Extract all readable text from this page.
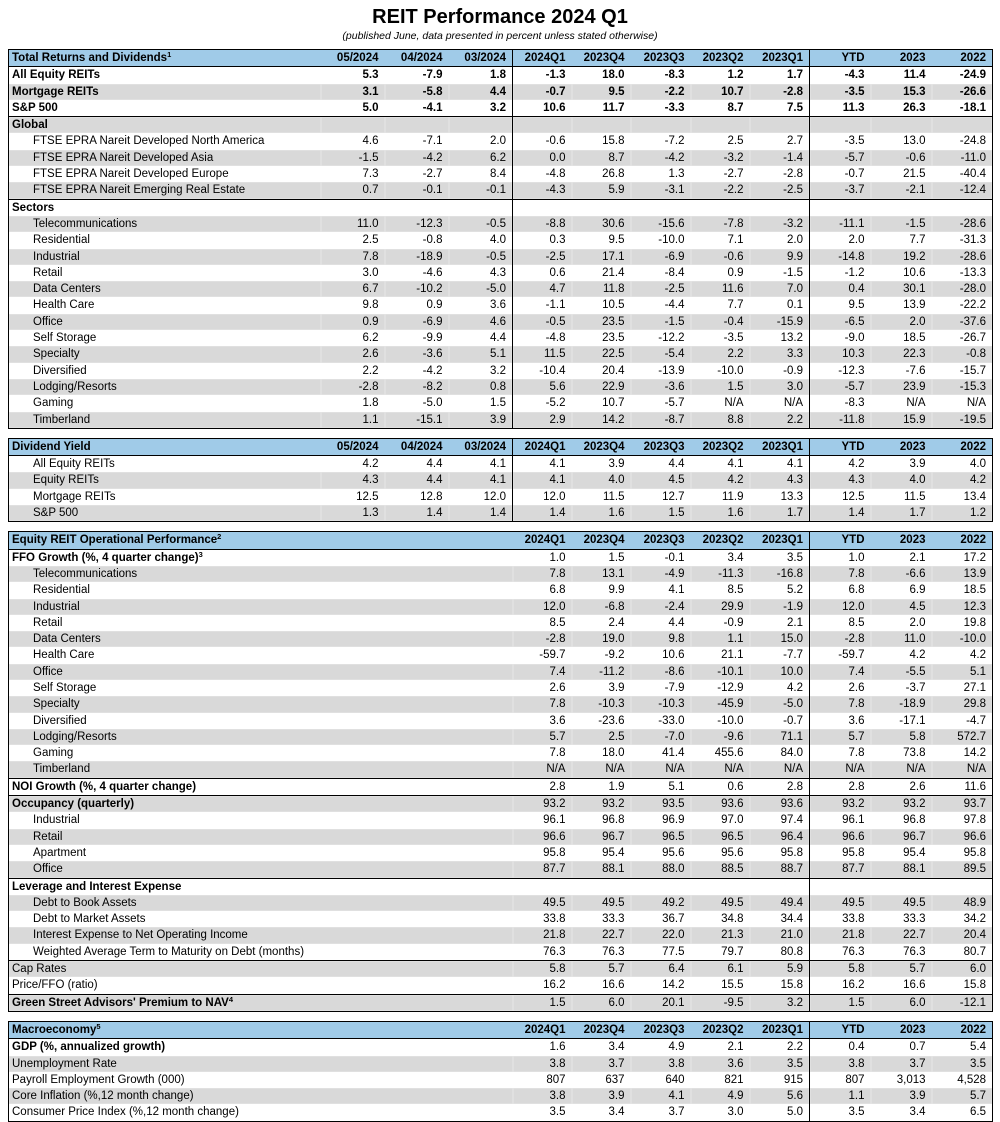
REIT Performance 2024 Q1
(published June, data presented in percent unless stated otherwise)
Total Returns and Dividends$^1$	05/2024	04/2024	03/2024	2024Q1	2023Q4	2023Q3	2023Q2	2023Q1	YTD	2023	2022
All Equity REITs	5.3	-7.9	1.8	-1.3	18.0	-8.3	1.2	1.7	-4.3	11.4	-24.9
Mortgage REITs	3.1	-5.8	4.4	-0.7	9.5	-2.2	10.7	-2.8	-3.5	15.3	-26.6
S&P 500	5.0	-4.1	3.2	10.6	11.7	-3.3	8.7	7.5	11.3	26.3	-18.1
Global											
FTSE EPRA Nareit Developed North America	4.6	-7.1	2.0	-0.6	15.8	-7.2	2.5	2.7	-3.5	13.0	-24.8
FTSE EPRA Nareit Developed Asia	-1.5	-4.2	6.2	0.0	8.7	-4.2	-3.2	-1.4	-5.7	-0.6	-11.0
FTSE EPRA Nareit Developed Europe	7.3	-2.7	8.4	-4.8	26.8	1.3	-2.7	-2.8	-0.7	21.5	-40.4
FTSE EPRA Nareit Emerging Real Estate	0.7	-0.1	-0.1	-4.3	5.9	-3.1	-2.2	-2.5	-3.7	-2.1	-12.4
Sectors											
Telecommunications	11.0	-12.3	-0.5	-8.8	30.6	-15.6	-7.8	-3.2	-11.1	-1.5	-28.6
Residential	2.5	-0.8	4.0	0.3	9.5	-10.0	7.1	2.0	2.0	7.7	-31.3
Industrial	7.8	-18.9	-0.5	-2.5	17.1	-6.9	-0.6	9.9	-14.8	19.2	-28.6
Retail	3.0	-4.6	4.3	0.6	21.4	-8.4	0.9	-1.5	-1.2	10.6	-13.3
Data Centers	6.7	-10.2	-5.0	4.7	11.8	-2.5	11.6	7.0	0.4	30.1	-28.0
Health Care	9.8	0.9	3.6	-1.1	10.5	-4.4	7.7	0.1	9.5	13.9	-22.2
Office	0.9	-6.9	4.6	-0.5	23.5	-1.5	-0.4	-15.9	-6.5	2.0	-37.6
Self Storage	6.2	-9.9	4.4	-4.8	23.5	-12.2	-3.5	13.2	-9.0	18.5	-26.7
Specialty	2.6	-3.6	5.1	11.5	22.5	-5.4	2.2	3.3	10.3	22.3	-0.8
Diversified	2.2	-4.2	3.2	-10.4	20.4	-13.9	-10.0	-0.9	-12.3	-7.6	-15.7
Lodging/Resorts	-2.8	-8.2	0.8	5.6	22.9	-3.6	1.5	3.0	-5.7	23.9	-15.3
Gaming	1.8	-5.0	1.5	-5.2	10.7	-5.7	N/A	N/A	-8.3	N/A	N/A
Timberland	1.1	-15.1	3.9	2.9	14.2	-8.7	8.8	2.2	-11.8	15.9	-19.5
Dividend Yield	05/2024	04/2024	03/2024	2024Q1	2023Q4	2023Q3	2023Q2	2023Q1	YTD	2023	2022
All Equity REITs	4.2	4.4	4.1	4.1	3.9	4.4	4.1	4.1	4.2	3.9	4.0
Equity REITs	4.3	4.4	4.1	4.1	4.0	4.5	4.2	4.3	4.3	4.0	4.2
Mortgage REITs	12.5	12.8	12.0	12.0	11.5	12.7	11.9	13.3	12.5	11.5	13.4
S&P 500	1.3	1.4	1.4	1.4	1.6	1.5	1.6	1.7	1.4	1.7	1.2
Equity REIT Operational Performance$^2$	2024Q1	2023Q4	2023Q3	2023Q2	2023Q1	YTD	2023	2022
FFO Growth (%, 4 quarter change)$^3$	1.0	1.5	-0.1	3.4	3.5	1.0	2.1	17.2
Telecommunications	7.8	13.1	-4.9	-11.3	-16.8	7.8	-6.6	13.9
Residential	6.8	9.9	4.1	8.5	5.2	6.8	6.9	18.5
Industrial	12.0	-6.8	-2.4	29.9	-1.9	12.0	4.5	12.3
Retail	8.5	2.4	4.4	-0.9	2.1	8.5	2.0	19.8
Data Centers	-2.8	19.0	9.8	1.1	15.0	-2.8	11.0	-10.0
Health Care	-59.7	-9.2	10.6	21.1	-7.7	-59.7	4.2	4.2
Office	7.4	-11.2	-8.6	-10.1	10.0	7.4	-5.5	5.1
Self Storage	2.6	3.9	-7.9	-12.9	4.2	2.6	-3.7	27.1
Specialty	7.8	-10.3	-10.3	-45.9	-5.0	7.8	-18.9	29.8
Diversified	3.6	-23.6	-33.0	-10.0	-0.7	3.6	-17.1	-4.7
Lodging/Resorts	5.7	2.5	-7.0	-9.6	71.1	5.7	5.8	572.7
Gaming	7.8	18.0	41.4	455.6	84.0	7.8	73.8	14.2
Timberland	N/A	N/A	N/A	N/A	N/A	N/A	N/A	N/A
NOI Growth (%, 4 quarter change)	2.8	1.9	5.1	0.6	2.8	2.8	2.6	11.6
Occupancy (quarterly)	93.2	93.2	93.5	93.6	93.6	93.2	93.2	93.7
Industrial	96.1	96.8	96.9	97.0	97.4	96.1	96.8	97.8
Retail	96.6	96.7	96.5	96.5	96.4	96.6	96.7	96.6
Apartment	95.8	95.4	95.6	95.6	95.8	95.8	95.4	95.8
Office	87.7	88.1	88.0	88.5	88.7	87.7	88.1	89.5
Leverage and Interest Expense								
Debt to Book Assets	49.5	49.5	49.2	49.5	49.4	49.5	49.5	48.9
Debt to Market Assets	33.8	33.3	36.7	34.8	34.4	33.8	33.3	34.2
Interest Expense to Net Operating Income	21.8	22.7	22.0	21.3	21.0	21.8	22.7	20.4
Weighted Average Term to Maturity on Debt (months)	76.3	76.3	77.5	79.7	80.8	76.3	76.3	80.7
Cap Rates	5.8	5.7	6.4	6.1	5.9	5.8	5.7	6.0
Price/FFO (ratio)	16.2	16.6	14.2	15.5	15.8	16.2	16.6	15.8
Green Street Advisors' Premium to NAV$^4$	1.5	6.0	20.1	-9.5	3.2	1.5	6.0	-12.1
Macroeconomy$^5$	2024Q1	2023Q4	2023Q3	2023Q2	2023Q1	YTD	2023	2022
GDP (%, annualized growth)	1.6	3.4	4.9	2.1	2.2	0.4	0.7	5.4
Unemployment Rate	3.8	3.7	3.8	3.6	3.5	3.8	3.7	3.5
Payroll Employment Growth (000)	807	637	640	821	915	807	3,013	4,528
Core Inflation (%,12 month change)	3.8	3.9	4.1	4.9	5.6	1.1	3.9	5.7
Consumer Price Index (%,12 month change)	3.5	3.4	3.7	3.0	5.0	3.5	3.4	6.5
